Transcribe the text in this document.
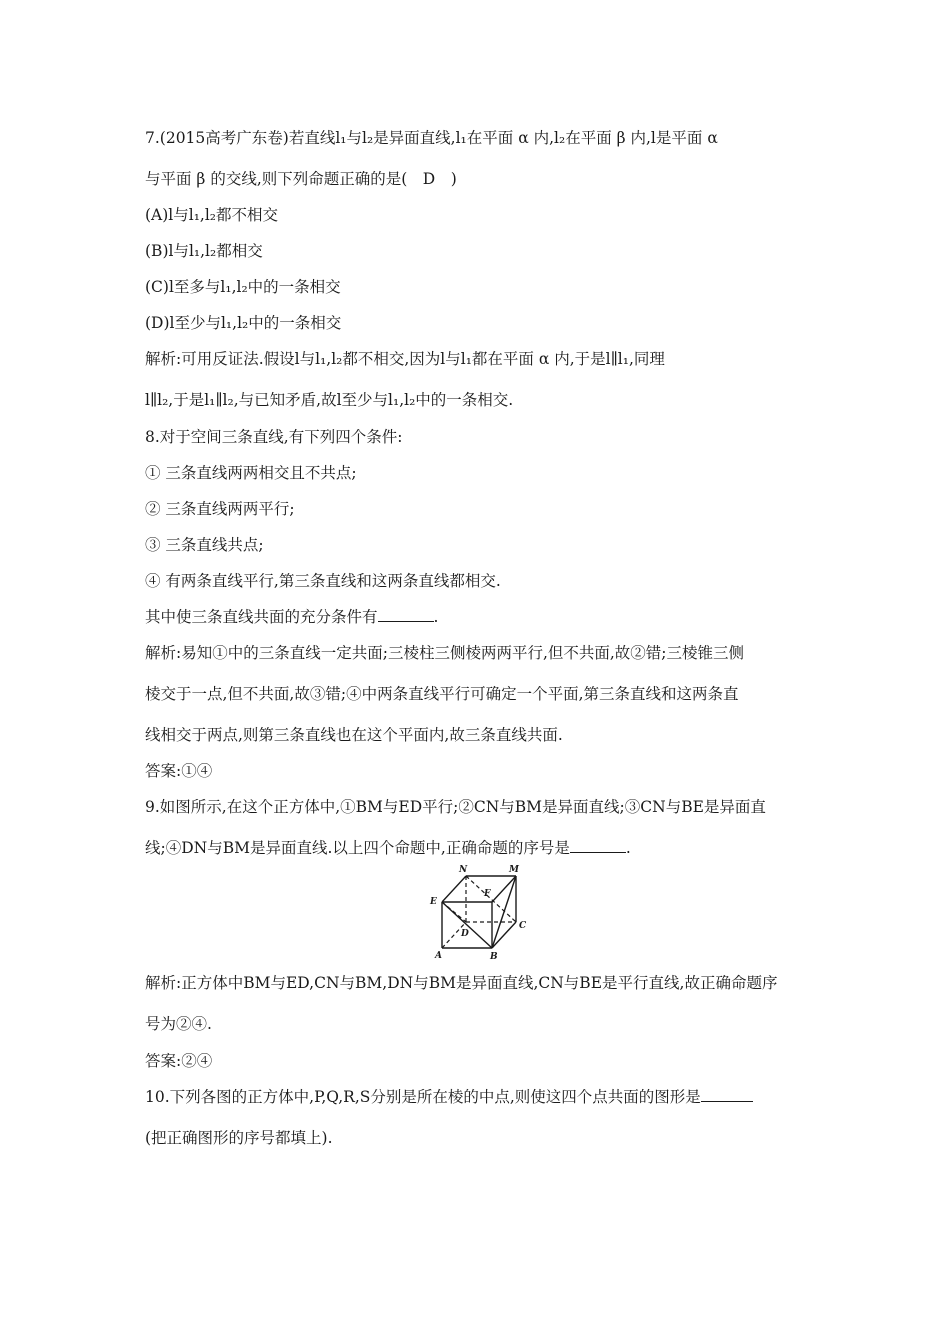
7.(2015高考广东卷)若直线l₁与l₂是异面直线,l₁在平面 α 内,l₂在平面 β 内,l是平面 α
与平面 β 的交线,则下列命题正确的是(　D　)
(A)l与l₁,l₂都不相交
(B)l与l₁,l₂都相交
(C)l至多与l₁,l₂中的一条相交
(D)l至少与l₁,l₂中的一条相交
解析:可用反证法.假设l与l₁,l₂都不相交,因为l与l₁都在平面 α 内,于是l∥l₁,同理
l∥l₂,于是l₁∥l₂,与已知矛盾,故l至少与l₁,l₂中的一条相交.
8.对于空间三条直线,有下列四个条件:
① 三条直线两两相交且不共点;
② 三条直线两两平行;
③ 三条直线共点;
④ 有两条直线平行,第三条直线和这两条直线都相交.
其中使三条直线共面的充分条件有	.
解析:易知①中的三条直线一定共面;三棱柱三侧棱两两平行,但不共面,故②错;三棱锥三侧
棱交于一点,但不共面,故③错;④中两条直线平行可确定一个平面,第三条直线和这两条直
线相交于两点,则第三条直线也在这个平面内,故三条直线共面.
答案:①④
9.如图所示,在这个正方体中,①BM与ED平行;②CN与BM是异面直线;③CN与BE是异面直
线;④DN与BM是异面直线.以上四个命题中,正确命题的序号是	.
N	M
E
F
D
C
A	B
解析:正方体中BM与ED,CN与BM,DN与BM是异面直线,CN与BE是平行直线,故正确命题序
号为②④.
答案:②④
10.下列各图的正方体中,P,Q,R,S分别是所在棱的中点,则使这四个点共面的图形是
(把正确图形的序号都填上).
